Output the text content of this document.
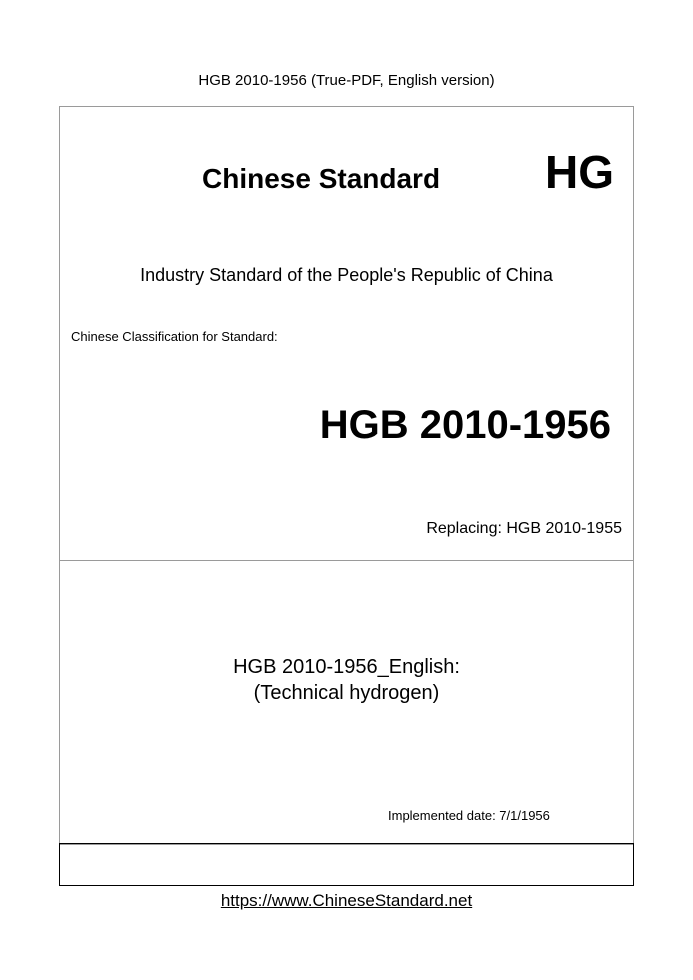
HGB 2010-1956 (True-PDF, English version)
Chinese Standard HG
Industry Standard of the People's Republic of China
Chinese Classification for Standard:
HGB 2010-1956
Replacing: HGB 2010-1955
HGB 2010-1956_English:
(Technical hydrogen)
Implemented date: 7/1/1956
https://www.ChineseStandard.net
